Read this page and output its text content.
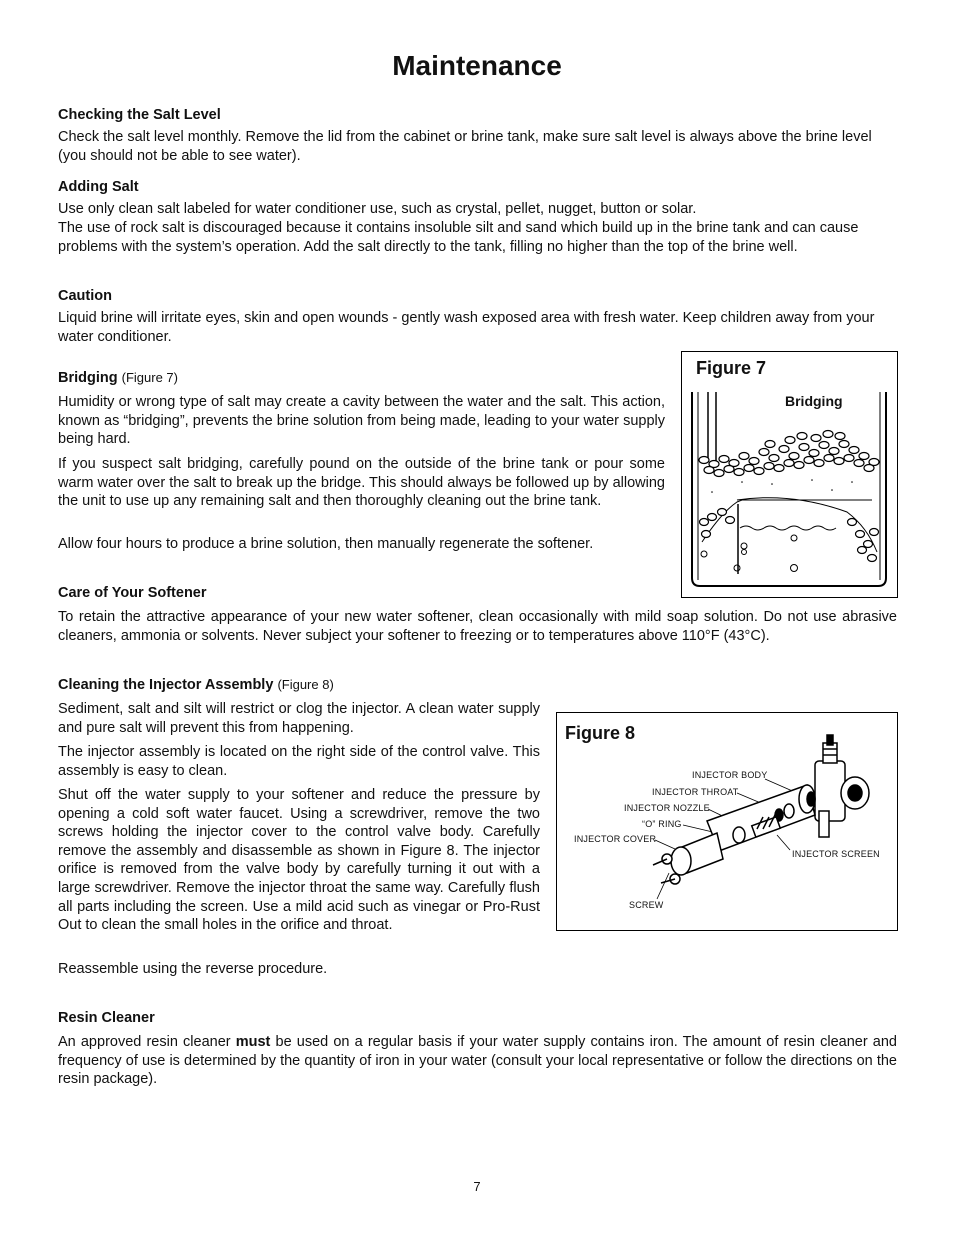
Maintenance
Checking the Salt Level

Check the salt level monthly. Remove the lid from the cabinet or brine tank, make sure salt level is always above the brine level (you should not be able to see water).

Adding Salt

Use only clean salt labeled for water conditioner use, such as crystal, pellet, nugget, button or solar.

The use of rock salt is discouraged because it contains insoluble silt and sand which build up in the brine tank and can cause problems with the system’s operation. Add the salt directly to the tank, filling no higher than the top of the brine well.

Caution

Liquid brine will irritate eyes, skin and open wounds - gently wash exposed area with fresh water. Keep children away from your water conditioner.

Bridging (Figure 7)

Humidity or wrong type of salt may create a cavity between the water and the salt. This action, known as “bridging”, prevents the brine solution from being made, leading to your water supply being hard.

If you suspect salt bridging, carefully pound on the outside of the brine tank or pour some warm water over the salt to break up the bridge. This should always be followed up by allowing the unit to use up any remaining salt and then thoroughly cleaning out the brine tank.

Allow four hours to produce a brine solution, then manually regenerate the softener.

Figure 7
Bridging
Care of Your Softener

To retain the attractive appearance of your new water softener, clean occasionally with mild soap solution. Do not use abrasive cleaners, ammonia or solvents. Never subject your softener to freezing or to temperatures above 110°F (43°C).

Cleaning the Injector Assembly (Figure 8)

Sediment, salt and silt will restrict or clog the injector. A clean water supply and pure salt will prevent this from happening.

The injector assembly is located on the right side of the control valve. This assembly is easy to clean.

Shut off the water supply to your softener and reduce the pressure by opening a cold soft water faucet. Using a screwdriver, remove the two screws holding the injector cover to the control valve body. Carefully remove the assembly and disassemble as shown in Figure 8. The injector orifice is removed from the valve body by carefully turning it out with a large screwdriver. Remove the injector throat the same way. Carefully flush all parts including the screen. Use a mild acid such as vinegar or Pro-Rust Out to clean the small holes in the orifice and throat.

Reassemble using the reverse procedure.

Figure 8
INJECTOR BODY
INJECTOR THROAT
INJECTOR NOZZLE
“O” RING
INJECTOR COVER
INJECTOR SCREEN
SCREW
Resin Cleaner

An approved resin cleaner must be used on a regular basis if your water supply contains iron. The amount of resin cleaner and frequency of use is determined by the quantity of iron in your water (consult your local representative or follow the directions on the resin package).

7
